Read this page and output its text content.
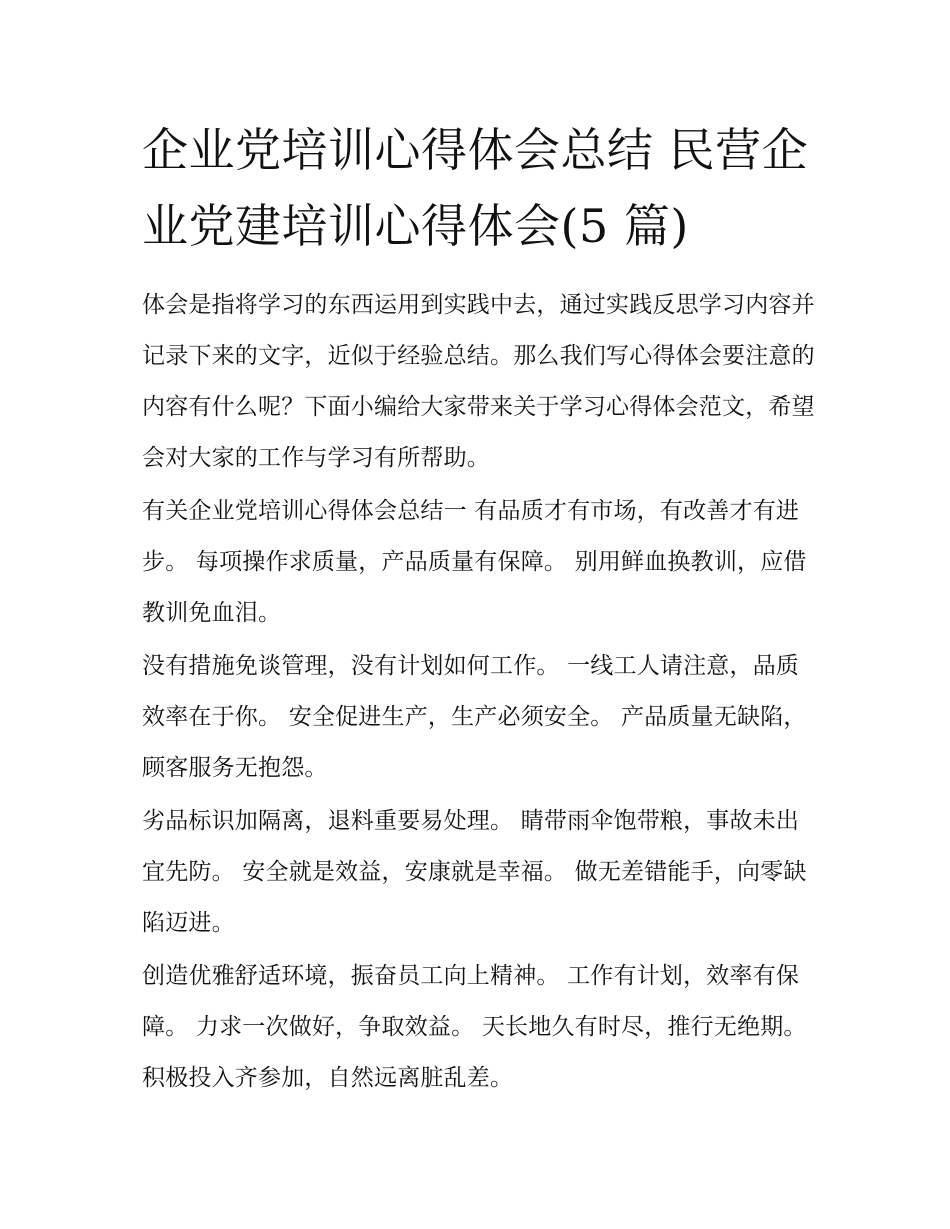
企业党培训心得体会总结 民营企业党建培训心得体会(5 篇)

体会是指将学习的东西运用到实践中去，通过实践反思学习内容并记录下来的文字，近似于经验总结。那么我们写心得体会要注意的内容有什么呢？下面小编给大家带来关于学习心得体会范文，希望会对大家的工作与学习有所帮助。

有关企业党培训心得体会总结一 有品质才有市场，有改善才有进步。 每项操作求质量，产品质量有保障。 别用鲜血换教训，应借教训免血泪。

没有措施免谈管理，没有计划如何工作。 一线工人请注意，品质效率在于你。 安全促进生产，生产必须安全。 产品质量无缺陷，顾客服务无抱怨。

劣品标识加隔离，退料重要易处理。 睛带雨伞饱带粮，事故未出宜先防。 安全就是效益，安康就是幸福。 做无差错能手，向零缺陷迈进。

创造优雅舒适环境，振奋员工向上精神。 工作有计划，效率有保障。 力求一次做好，争取效益。 天长地久有时尽，推行无绝期。 积极投入齐参加，自然远离脏乱差。
